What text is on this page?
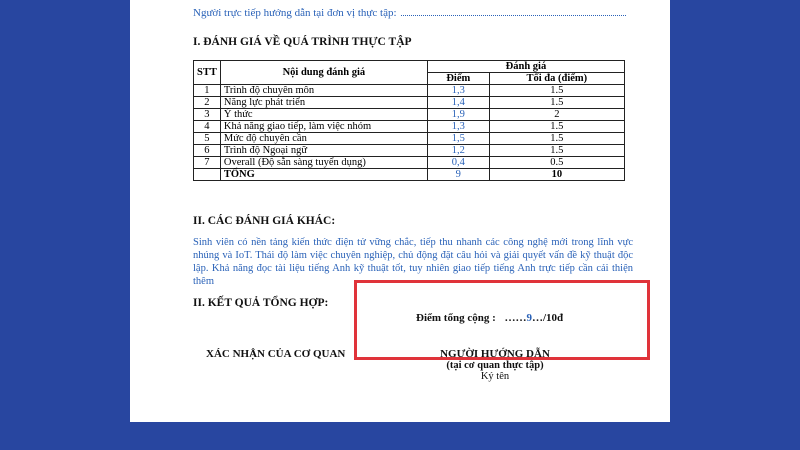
Người trực tiếp hướng dẫn tại đơn vị thực tập:
I. ĐÁNH GIÁ VỀ QUÁ TRÌNH THỰC TẬP
STT	Nội dung đánh giá	Đánh giá	
		Điểm	Tối đa (điểm)
1	Trình độ chuyên môn	1,3	1.5
2	Năng lực phát triển	1,4	1.5
3	Ý thức	1,9	2
4	Khả năng giao tiếp, làm việc nhóm	1,3	1.5
5	Mức độ chuyên cần	1,5	1.5
6	Trình độ Ngoại ngữ	1,2	1.5
7	Overall (Độ sẵn sàng tuyển dụng)	0,4	0.5
	TỔNG	9	10
II. CÁC ĐÁNH GIÁ KHÁC:

Sinh viên có nền tảng kiến thức điện tử vững chắc, tiếp thu nhanh các công nghệ mới trong lĩnh vực nhúng và IoT. Thái độ làm việc chuyên nghiệp, chủ động đặt câu hỏi và giải quyết vấn đề kỹ thuật độc lập. Khả năng đọc tài liệu tiếng Anh kỹ thuật tốt, tuy nhiên giao tiếp tiếng Anh trực tiếp cần cải thiện thêm

II. KẾT QUẢ TỔNG HỢP:
Điểm tổng cộng : ……9…/10đ
XÁC NHẬN CỦA CƠ QUAN	NGƯỜI HƯỚNG DẪN
(tại cơ quan thực tập)
Ký tên
